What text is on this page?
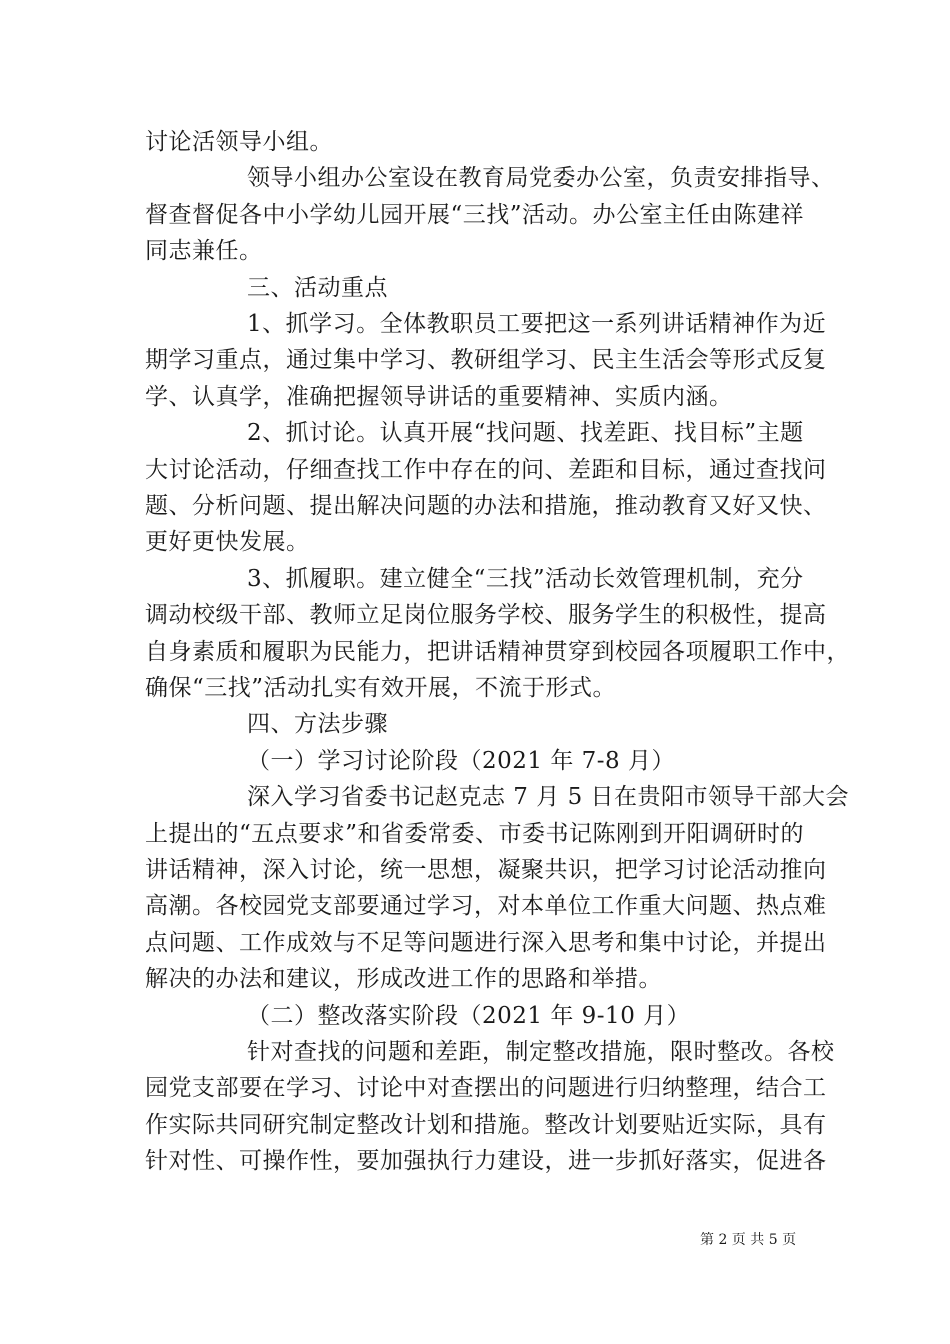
讨论活领导小组。
领导小组办公室设在教育局党委办公室，负责安排指导、
督查督促各中小学幼儿园开展“三找”活动。办公室主任由陈建祥
同志兼任。
三、活动重点
1、抓学习。全体教职员工要把这一系列讲话精神作为近
期学习重点，通过集中学习、教研组学习、民主生活会等形式反复
学、认真学，准确把握领导讲话的重要精神、实质内涵。
2、抓讨论。认真开展“找问题、找差距、找目标”主题
大讨论活动，仔细查找工作中存在的问、差距和目标，通过查找问
题、分析问题、提出解决问题的办法和措施，推动教育又好又快、
更好更快发展。
3、抓履职。建立健全“三找”活动长效管理机制，充分
调动校级干部、教师立足岗位服务学校、服务学生的积极性，提高
自身素质和履职为民能力，把讲话精神贯穿到校园各项履职工作中，
确保“三找”活动扎实有效开展，不流于形式。
四、方法步骤
（一）学习讨论阶段（2021 年 7-8 月）
深入学习省委书记赵克志 7 月 5 日在贵阳市领导干部大会
上提出的“五点要求”和省委常委、市委书记陈刚到开阳调研时的
讲话精神，深入讨论，统一思想，凝聚共识，把学习讨论活动推向
高潮。各校园党支部要通过学习，对本单位工作重大问题、热点难
点问题、工作成效与不足等问题进行深入思考和集中讨论，并提出
解决的办法和建议，形成改进工作的思路和举措。
（二）整改落实阶段（2021 年 9-10 月）
针对查找的问题和差距，制定整改措施，限时整改。各校
园党支部要在学习、讨论中对查摆出的问题进行归纳整理，结合工
作实际共同研究制定整改计划和措施。整改计划要贴近实际，具有
针对性、可操作性，要加强执行力建设，进一步抓好落实，促进各
第 2 页 共 5 页
